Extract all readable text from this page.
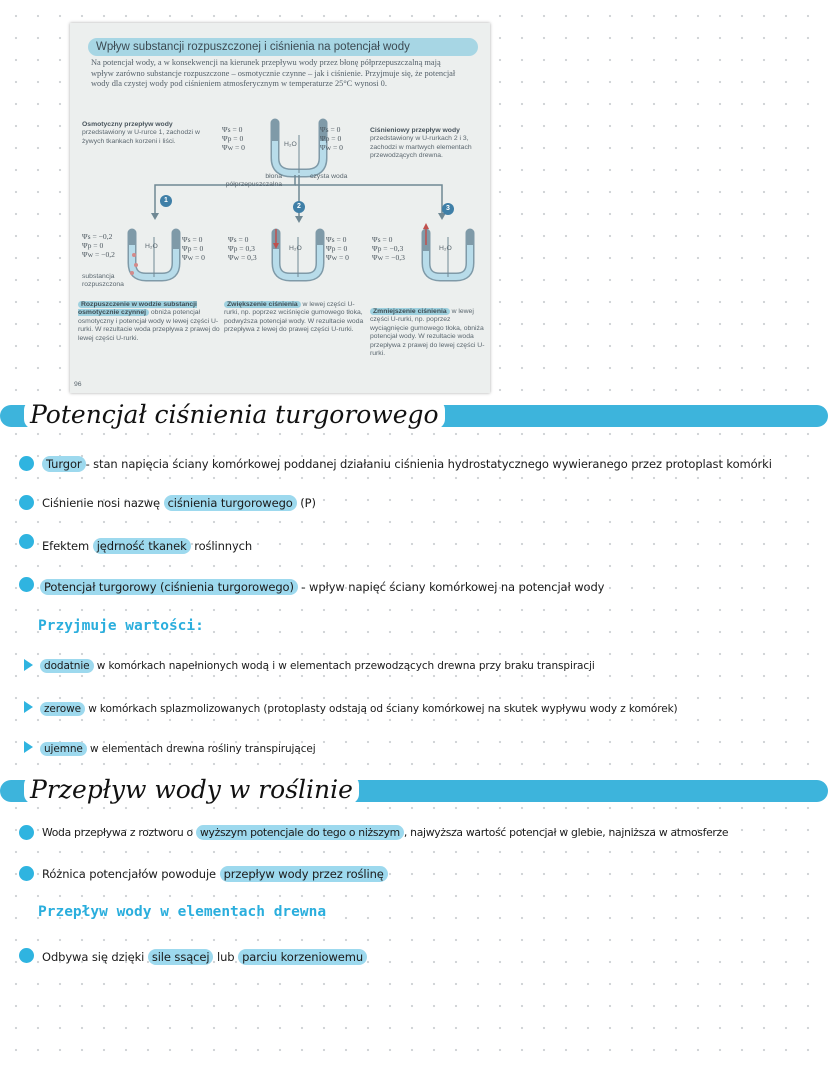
Wpływ substancji rozpuszczonej i ciśnienia na potencjał wody
Na potencjał wody, a w konsekwencji na kierunek przepływu wody przez błonę półprzepuszczalną mają wpływ zarówno substancje rozpuszczone – osmotycznie czynne – jak i ciśnienie. Przyjmuje się, że potencjał wody dla czystej wody pod ciśnieniem atmosferycznym w temperaturze 25°C wynosi 0.
Osmotyczny przepływ wody
przedstawiony w U-rurce 1, zachodzi w żywych tkankach korzeni i liści.
Ciśnieniowy przepływ wody
przedstawiony w U-rurkach 2 i 3, zachodzi w martwych elementach przewodzących drewna.
Ψs = 0
Ψp = 0
Ψw = 0
Ψs = 0
Ψp = 0
Ψw = 0
H₂O
błona półprzepuszczalna
czysta woda
1
2	3
Ψs = −0,2
Ψp = 0
Ψw = −0,2
Ψs = 0
Ψp = 0
Ψw = 0
Ψs = 0
Ψp = 0,3
Ψw = 0,3
Ψs = 0
Ψp = 0
Ψw = 0
Ψs = 0
Ψp = −0,3
Ψw = −0,3
H₂O	H₂O	H₂O
substancja rozpuszczona
Rozpuszczenie w wodzie substancji osmotycznie czynnej obniża potencjał osmotyczny i potencjał wody w lewej części U-rurki. W rezultacie woda przepływa z prawej do lewej części U-rurki.
Zwiększenie ciśnienia w lewej części U-rurki, np. poprzez wciśnięcie gumowego tłoka, podwyższa potencjał wody. W rezultacie woda przepływa z lewej do prawej części U-rurki.
Zmniejszenie ciśnienia w lewej części U-rurki, np. poprzez wyciągnięcie gumowego tłoka, obniża potencjał wody. W rezultacie woda przepływa z prawej do lewej części U-rurki.
96
Potencjał ciśnienia turgorowego
Turgor - stan napięcia ściany komórkowej poddanej działaniu ciśnienia hydrostatycznego wywieranego przez protoplast komórki
Ciśnienie nosi nazwę ciśnienia turgorowego (P)
Efektem jędrność tkanek roślinnych
Potencjał turgorowy (ciśnienia turgorowego) - wpływ napięć ściany komórkowej na potencjał wody
Przyjmuje wartości:
dodatnie w komórkach napełnionych wodą i w elementach przewodzących drewna przy braku transpiracji
zerowe w komórkach splazmolizowanych (protoplasty odstają od ściany komórkowej na skutek wypływu wody z komórek)
ujemne w elementach drewna rośliny transpirującej
Przepływ wody w roślinie
Woda przepływa z roztworu o wyższym potencjale do tego o niższym , najwyższa wartość potencjał w glebie, najniższa w atmosferze
Różnica potencjałów powoduje przepływ wody przez roślinę
Przepływ wody w elementach drewna
Odbywa się dzięki sile ssącej lub parciu korzeniowemu
